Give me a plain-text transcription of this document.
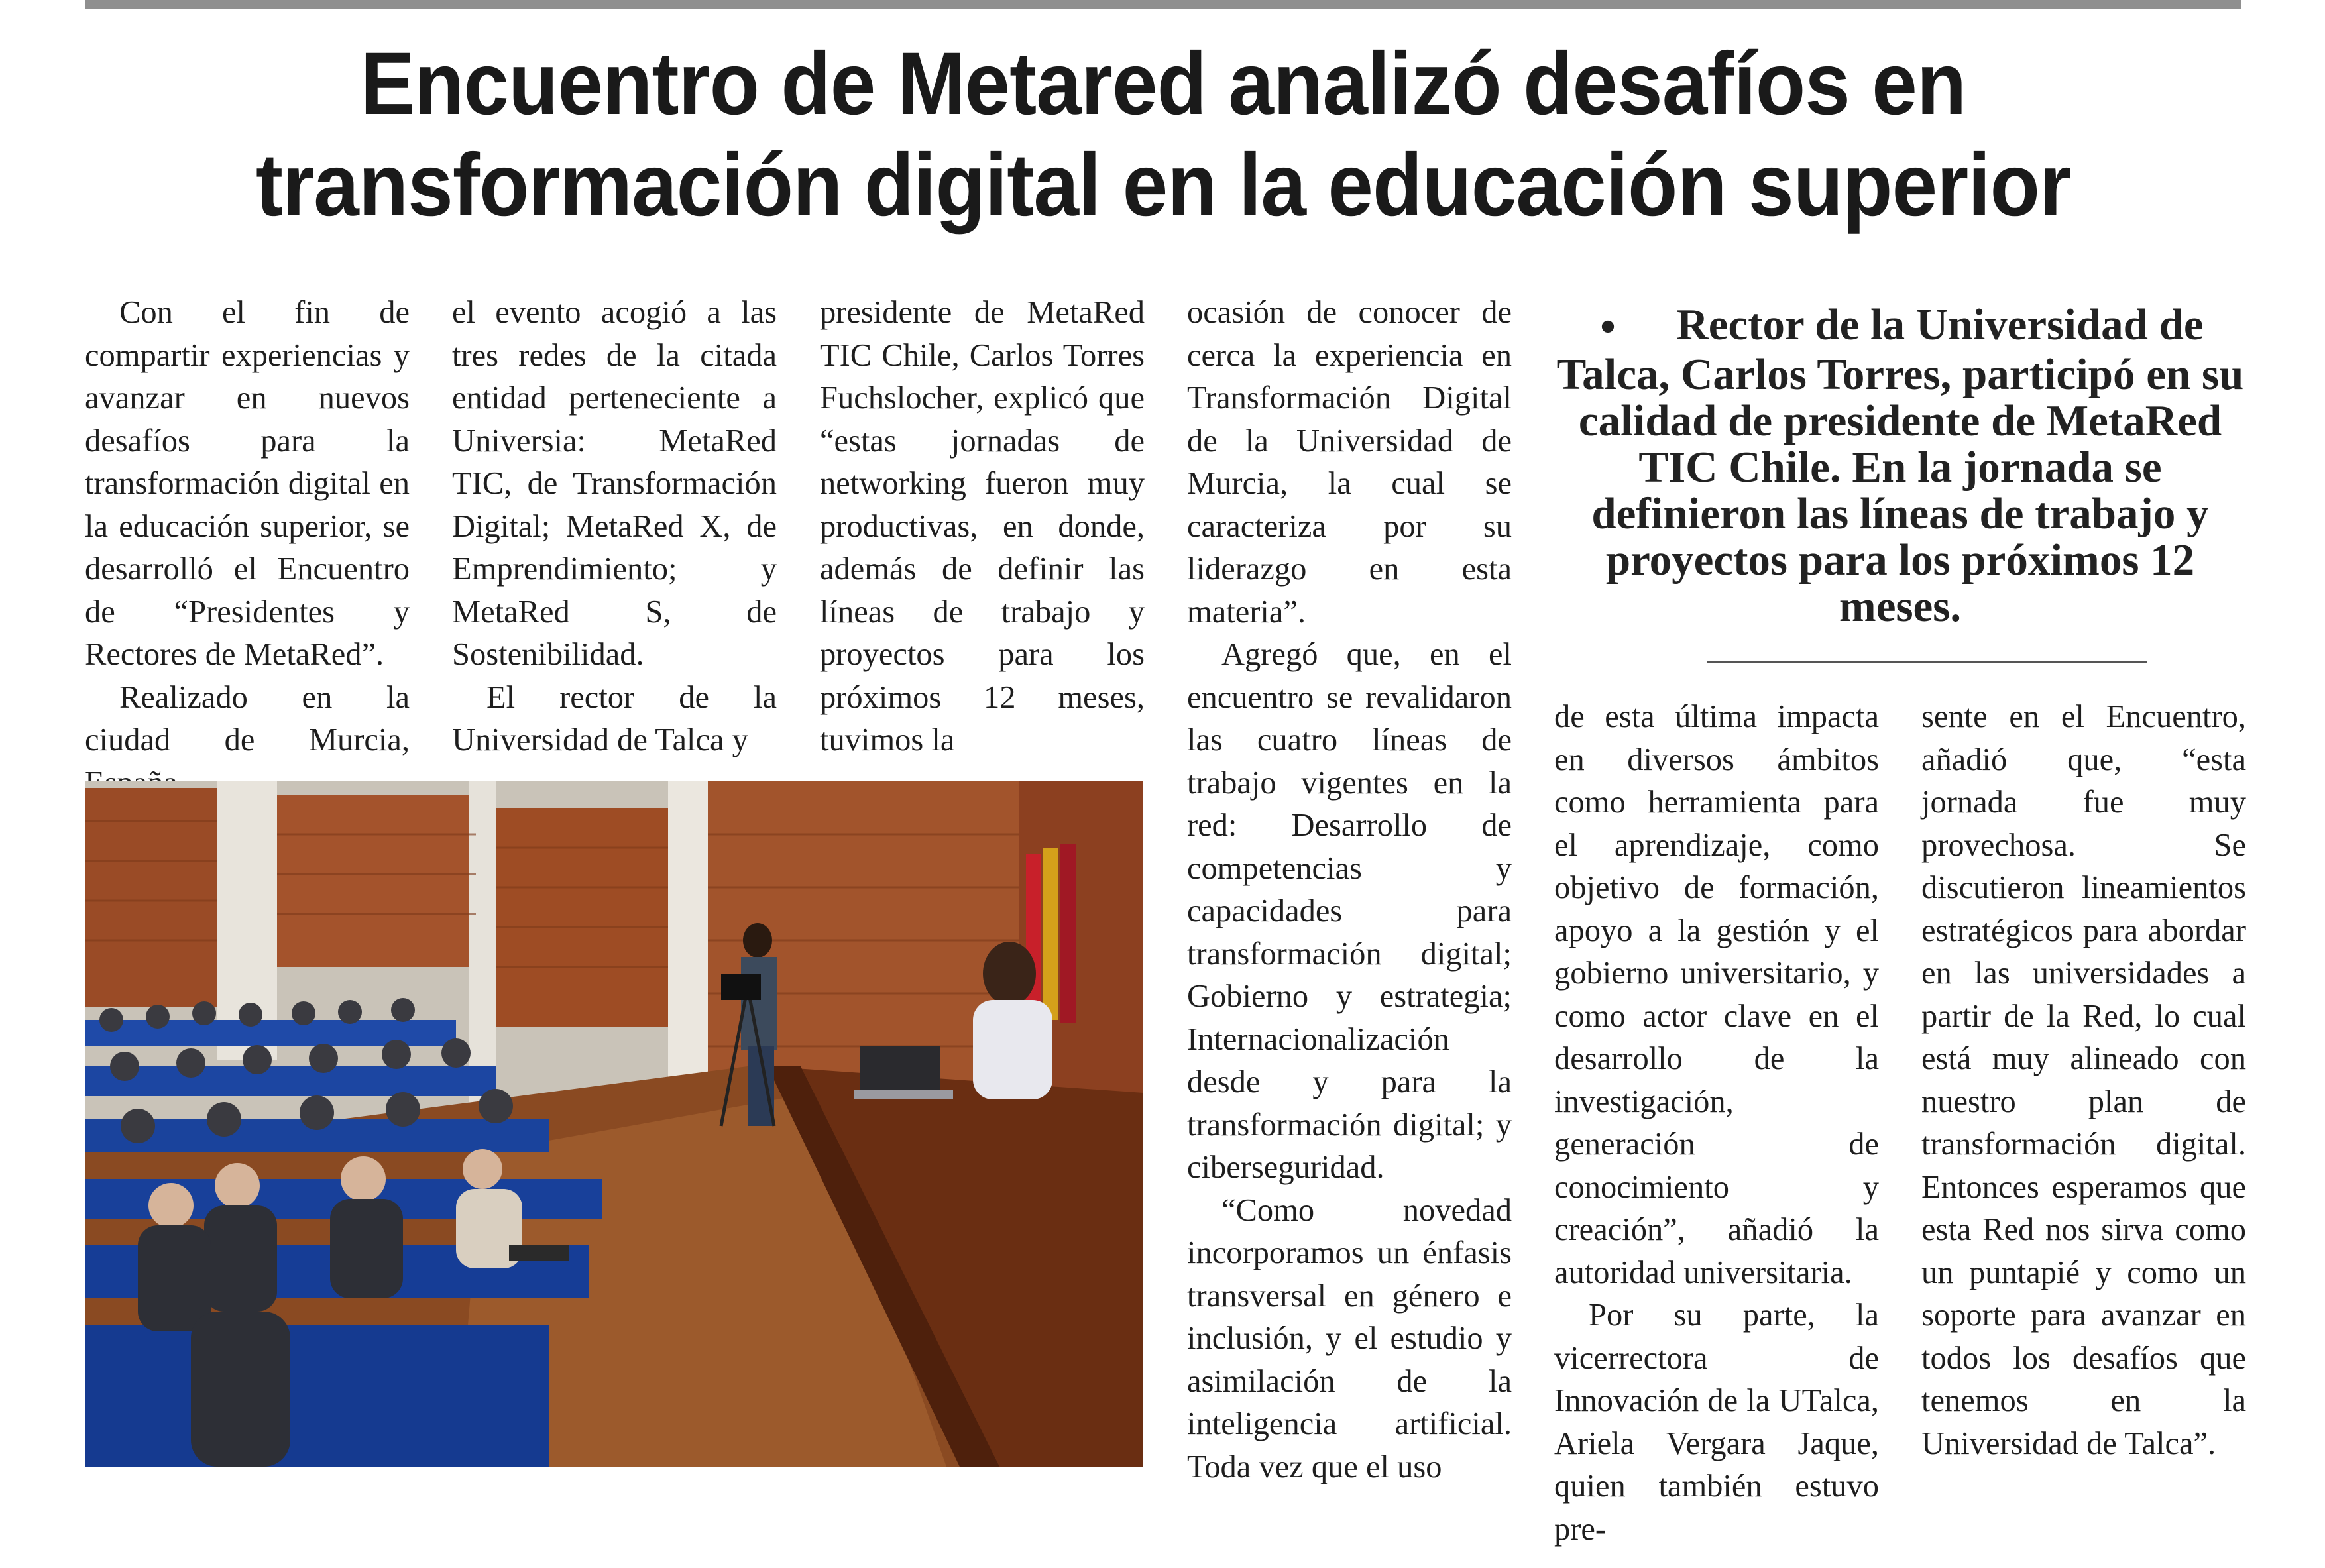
Encuentro de Metared analizó desafíos en
transformación digital en la educación superior

Con el fin de compartir experiencias y avanzar en nuevos desafíos para la transformación digital en la educación superior, se desarrolló el Encuentro de “Presidentes y Rectores de MetaRed”.

Realizado en la ciudad de Murcia,

el evento acogió a las tres redes de la citada entidad perteneciente a Universia: MetaRed TIC, de Transformación Digital; MetaRed X, de Emprendimiento; y MetaRed S, de Sostenibilidad.

El rector de la Universidad de Talca y

presidente de MetaRed TIC Chile, Carlos Torres Fuchslocher, explicó que “estas jornadas de networking fueron muy productivas, en donde, además de definir las líneas de trabajo y proyectos para los próximos 12 meses, tuvimos la

ocasión de conocer de cerca la experiencia en Transformación Digital de la Universidad de Murcia, la cual se caracteriza por su liderazgo en esta materia”.

Agregó que, en el encuentro se revalidaron las cuatro líneas de trabajo vigentes en la red: Desarrollo de competencias y capacidades para transformación digital; Gobierno y estrategia; Internacionalización desde y para la transformación digital; y ciberseguridad.

“Como novedad incorporamos un énfasis transversal en género e inclusión, y el estudio y asimilación de la inteligencia artificial. Toda vez que el uso

• Rector de la Universidad de Talca, Carlos Torres, participó en su calidad de presidente de MetaRed TIC Chile. En la jornada se definieron las líneas de trabajo y proyectos para los próximos 12 meses.

de esta última impacta en diversos ámbitos como herramienta para el aprendizaje, como objetivo de formación, apoyo a la gestión y el gobierno universitario, y como actor clave en el desarrollo de la investigación, generación de conocimiento y creación”, añadió la autoridad universitaria.

Por su parte, la vicerrectora de Innovación de la UTalca, Ariela Vergara Jaque, quien también estuvo pre-

sente en el Encuentro, añadió que, “esta jornada fue muy provechosa. Se discutieron lineamientos estratégicos para abordar en las universidades a partir de la Red, lo cual está muy alineado con nuestro plan de transformación digital. Entonces esperamos que esta Red nos sirva como un puntapié y como un soporte para avanzar en todos los desafíos que tenemos en la Universidad de Talca”.
